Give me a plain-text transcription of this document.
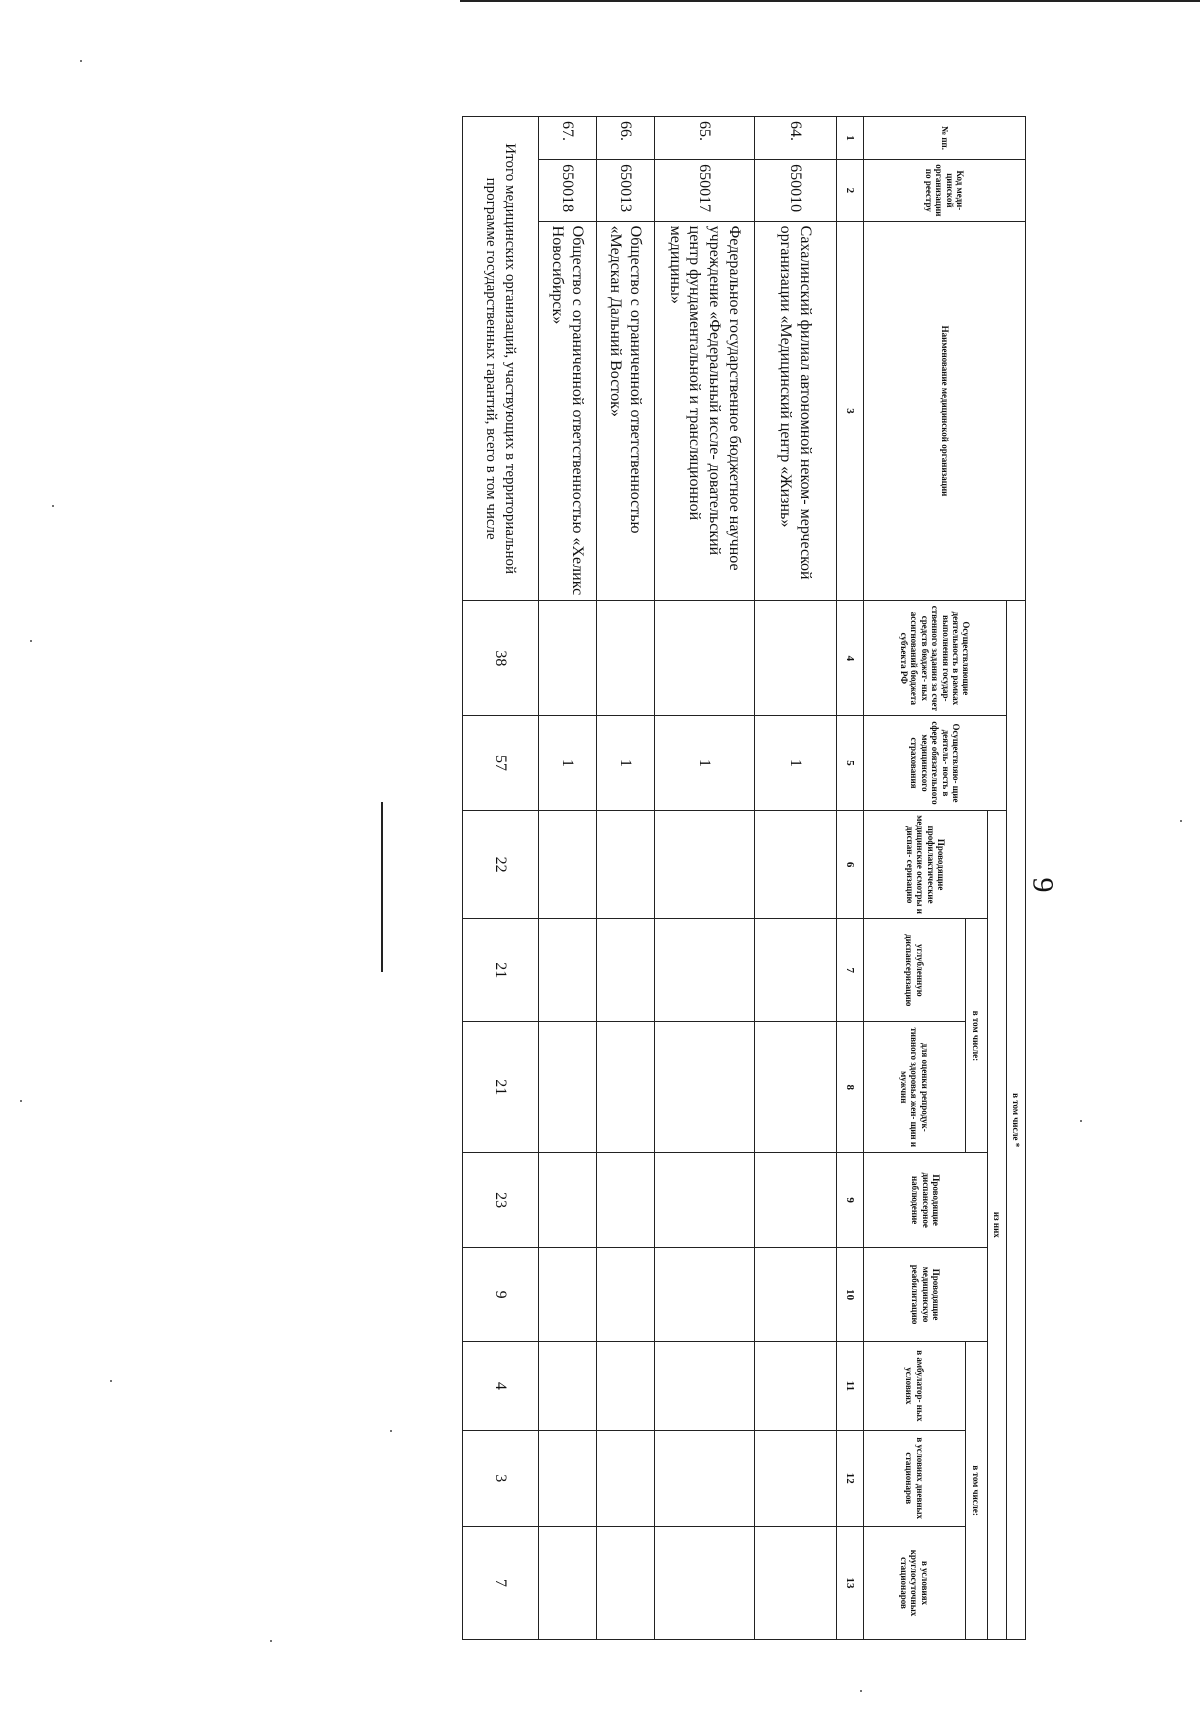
9
№ пп.	Код меди- цинской организации по реестру	Наименование медицинской организации	в том числе *									
			Осуществляющие деятельность в рамках выполнения государ- ственного задания за счет средств бюджет- ных ассигнований бюджета субъекта РФ	Осуществляю- щие деятель- ность в сфере обязательного медицинского страхования	из них							
					Проводящие профилактические медицинские осмотры и диспан- серизацию	в том числе:		Проводящие диспансерное наблюдение	Проводящие медицинскую реабилитацию	в том числе:		
						углубленную диспансеризацию	для оценки репродук- тивного здоровья жен- щин и мужчин			в амбулатор- ных условиях	в условиях дневных стационаров	в условиях круглосуточных стационаров
1	2	3	4	5	6	7	8	9	10	11	12	13
64.	650010	Сахалинский филиал автономной неком- мерческой организации «Медицинский центр «Жизнь»		1								
65.	650017	Федеральное государственное бюджетное научное учреждение «Федеральный иссле- довательский центр фундаментальной и трансляционной медицины»		1								
66.	650013	Общество с ограниченной ответственностью «Медскан Дальний Восток»		1								
67.	650018	Общество с ограниченной ответственностью «Хеликс Новосибирск»		1								
Итого медицинских организаций, участвующих в территориальной программе государственных гарантий, всего в том числе			38	57	22	21	21	23	9	4	3	7
